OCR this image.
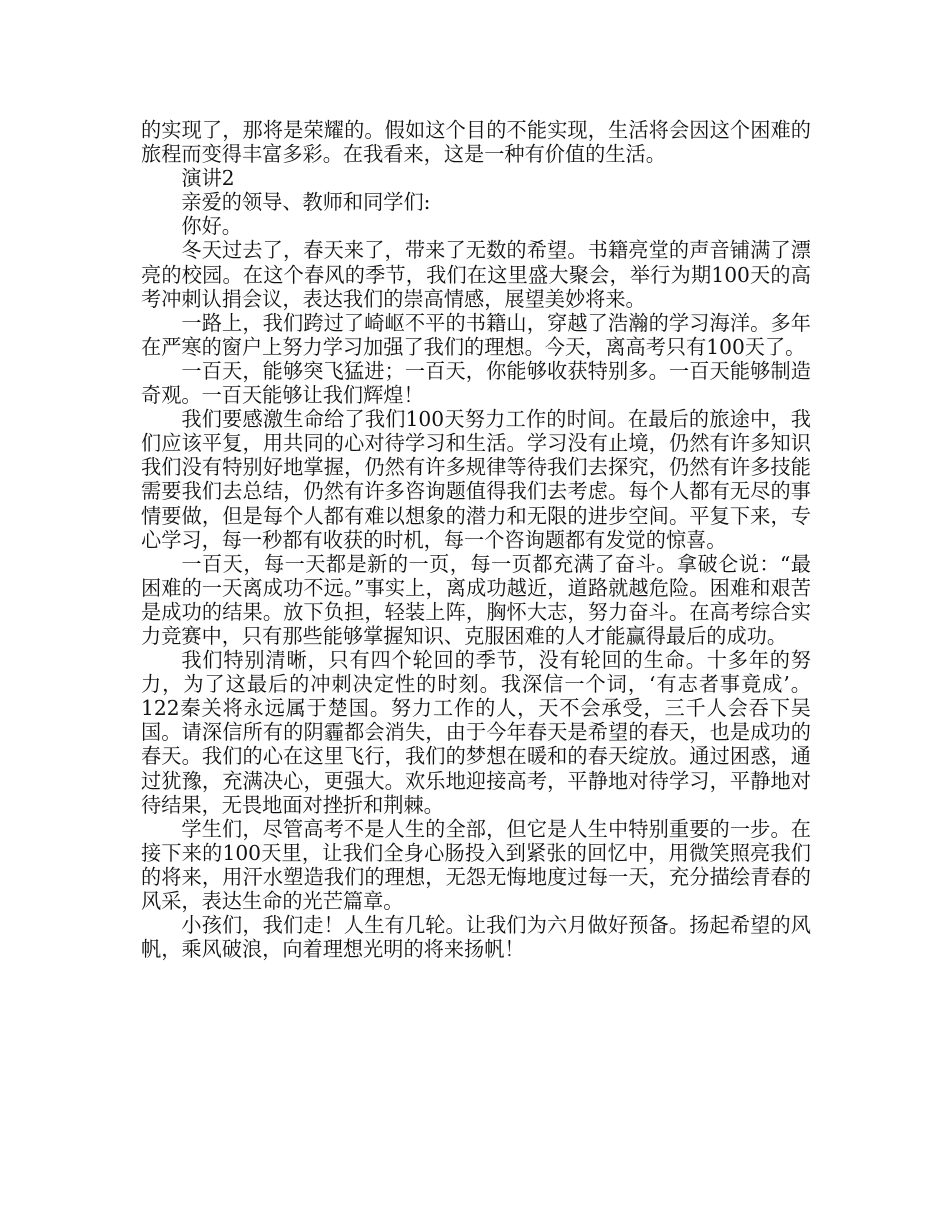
的实现了，那将是荣耀的。假如这个目的不能实现，生活将会因这个困难的旅程而变得丰富多彩。在我看来，这是一种有价值的生活。

演讲2

亲爱的领导、教师和同学们:

你好。

冬天过去了，春天来了，带来了无数的希望。书籍亮堂的声音铺满了漂亮的校园。在这个春风的季节，我们在这里盛大聚会，举行为期100天的高考冲刺认捐会议，表达我们的崇高情感，展望美妙将来。

一路上，我们跨过了崎岖不平的书籍山，穿越了浩瀚的学习海洋。多年在严寒的窗户上努力学习加强了我们的理想。今天，离高考只有100天了。

一百天，能够突飞猛进；一百天，你能够收获特别多。一百天能够制造奇观。一百天能够让我们辉煌！

我们要感激生命给了我们100天努力工作的时间。在最后的旅途中，我们应该平复，用共同的心对待学习和生活。学习没有止境，仍然有许多知识我们没有特别好地掌握，仍然有许多规律等待我们去探究，仍然有许多技能需要我们去总结，仍然有许多咨询题值得我们去考虑。每个人都有无尽的事情要做，但是每个人都有难以想象的潜力和无限的进步空间。平复下来，专心学习，每一秒都有收获的时机，每一个咨询题都有发觉的惊喜。

一百天，每一天都是新的一页，每一页都充满了奋斗。拿破仑说：“最困难的一天离成功不远。”事实上，离成功越近，道路就越危险。困难和艰苦是成功的结果。放下负担，轻装上阵，胸怀大志，努力奋斗。在高考综合实力竞赛中，只有那些能够掌握知识、克服困难的人才能赢得最后的成功。

我们特别清晰，只有四个轮回的季节，没有轮回的生命。十多年的努力，为了这最后的冲刺决定性的时刻。我深信一个词，‘有志者事竟成’。122秦关将永远属于楚国。努力工作的人，天不会承受，三千人会吞下吴国。请深信所有的阴霾都会消失，由于今年春天是希望的春天，也是成功的春天。我们的心在这里飞行，我们的梦想在暖和的春天绽放。通过困惑，通过犹豫，充满决心，更强大。欢乐地迎接高考，平静地对待学习，平静地对待结果，无畏地面对挫折和荆棘。

学生们，尽管高考不是人生的全部，但它是人生中特别重要的一步。在接下来的100天里，让我们全身心肠投入到紧张的回忆中，用微笑照亮我们的将来，用汗水塑造我们的理想，无怨无悔地度过每一天，充分描绘青春的风采，表达生命的光芒篇章。

小孩们，我们走！人生有几轮。让我们为六月做好预备。扬起希望的风帆，乘风破浪，向着理想光明的将来扬帆！
